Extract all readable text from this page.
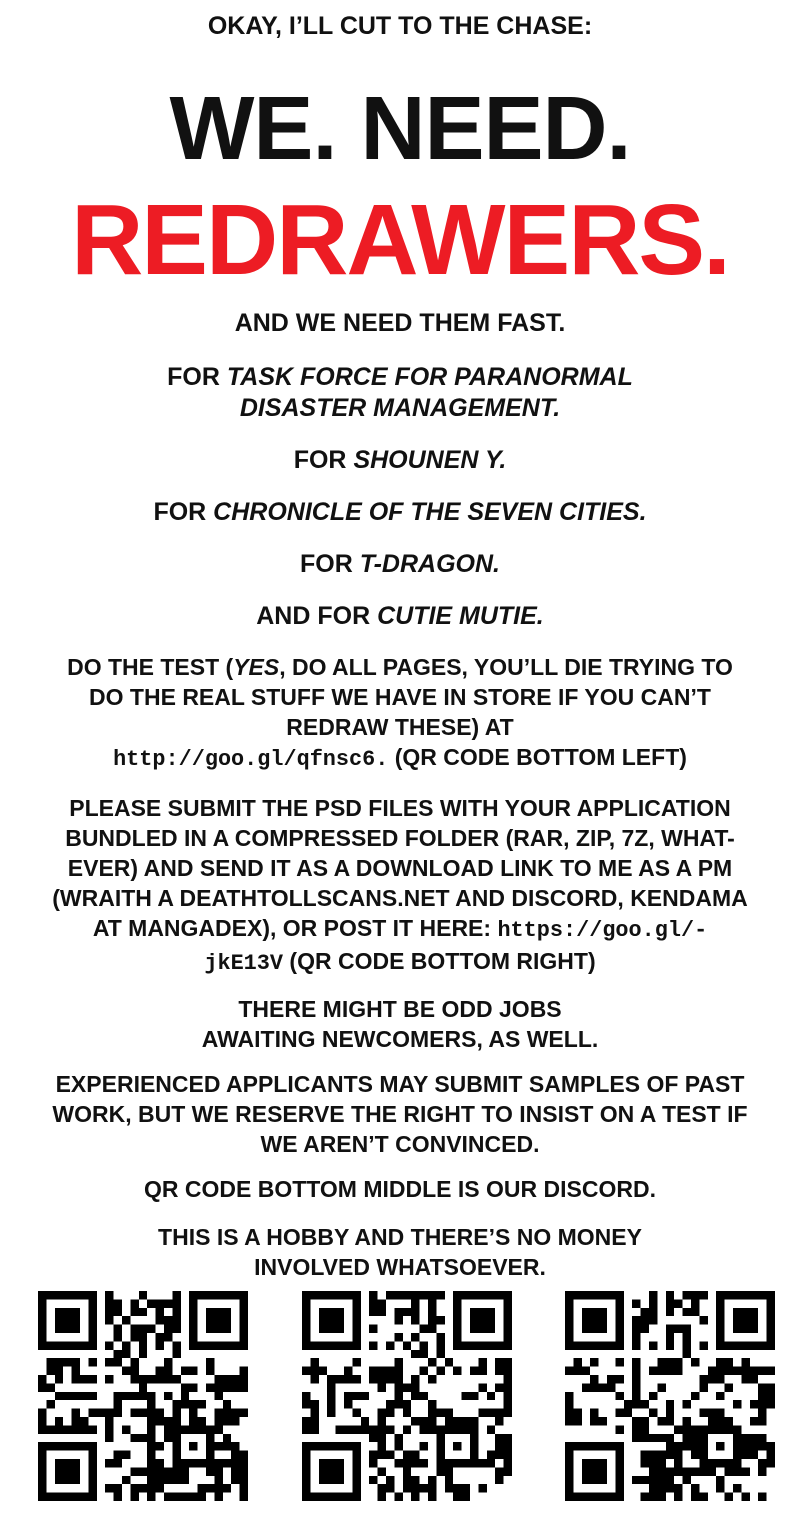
OKAY, I’LL CUT TO THE CHASE:

WE. NEED.
REDRAWERS.

AND WE NEED THEM FAST.

FOR TASK FORCE FOR PARANORMAL
DISASTER MANAGEMENT.

FOR SHOUNEN Y.

FOR CHRONICLE OF THE SEVEN CITIES.

FOR T-DRAGON.

AND FOR CUTIE MUTIE.

DO THE TEST (YES, DO ALL PAGES, YOU’LL DIE TRYING TO
DO THE REAL STUFF WE HAVE IN STORE IF YOU CAN’T
REDRAW THESE) AT
http://goo.gl/qfnsc6. (QR CODE BOTTOM LEFT)

PLEASE SUBMIT THE PSD FILES WITH YOUR APPLICATION
BUNDLED IN A COMPRESSED FOLDER (RAR, ZIP, 7Z, WHAT-
EVER) AND SEND IT AS A DOWNLOAD LINK TO ME AS A PM
(WRAITH A DEATHTOLLSCANS.NET AND DISCORD, KENDAMA
AT MANGADEX), OR POST IT HERE: https://goo.gl/-
jkE13V (QR CODE BOTTOM RIGHT)

THERE MIGHT BE ODD JOBS
AWAITING NEWCOMERS, AS WELL.

EXPERIENCED APPLICANTS MAY SUBMIT SAMPLES OF PAST
WORK, BUT WE RESERVE THE RIGHT TO INSIST ON A TEST IF
WE AREN’T CONVINCED.

QR CODE BOTTOM MIDDLE IS OUR DISCORD.

THIS IS A HOBBY AND THERE’S NO MONEY
INVOLVED WHATSOEVER.
